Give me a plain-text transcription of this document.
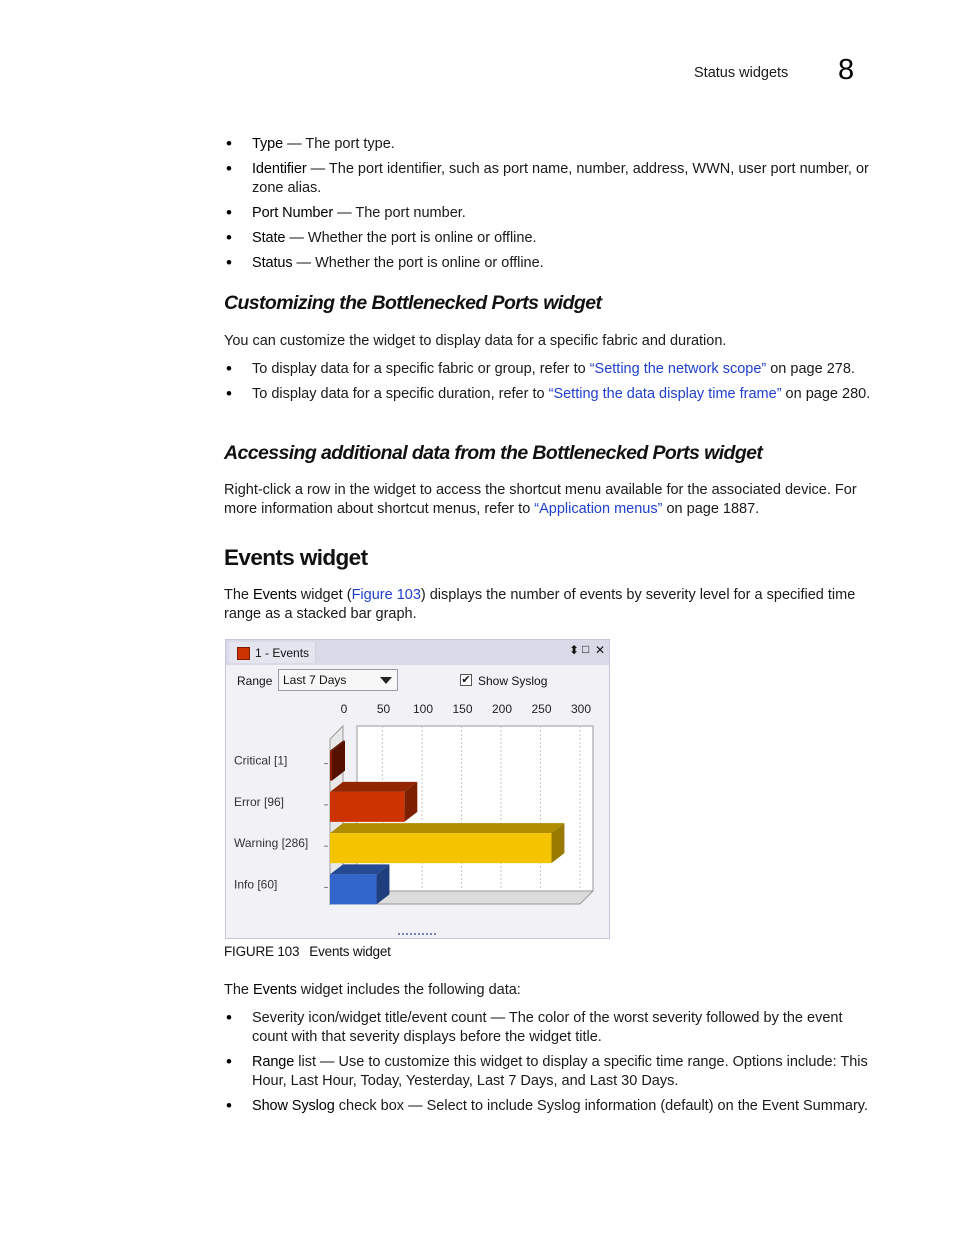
Status widgets 8
• Type — The port type.
• Identifier — The port identifier, such as port name, number, address, WWN, user port number, or zone alias.
• Port Number — The port number.
• State — Whether the port is online or offline.
• Status — Whether the port is online or offline.
Customizing the Bottlenecked Ports widget

You can customize the widget to display data for a specific fabric and duration.

• To display data for a specific fabric or group, refer to “Setting the network scope” on page 278.
• To display data for a specific duration, refer to “Setting the data display time frame” on page 280.
Accessing additional data from the Bottlenecked Ports widget

Right-click a row in the widget to access the shortcut menu available for the associated device. For more information about shortcut menus, refer to “Application menus” on page 1887.

Events widget

The Events widget (Figure 103) displays the number of events by severity level for a specified time range as a stacked bar graph.

1 - Events	⬍ □ ✕
Range Last 7 Days	✔ Show Syslog
0 50 100 150 200 250 300
Critical [1]
Error [96]
Warning [286]
Info [60]
FIGURE 103 Events widget

The Events widget includes the following data:

• Severity icon/widget title/event count — The color of the worst severity followed by the event count with that severity displays before the widget title.
• Range list — Use to customize this widget to display a specific time range. Options include: This Hour, Last Hour, Today, Yesterday, Last 7 Days, and Last 30 Days.
• Show Syslog check box — Select to include Syslog information (default) on the Event Summary.
